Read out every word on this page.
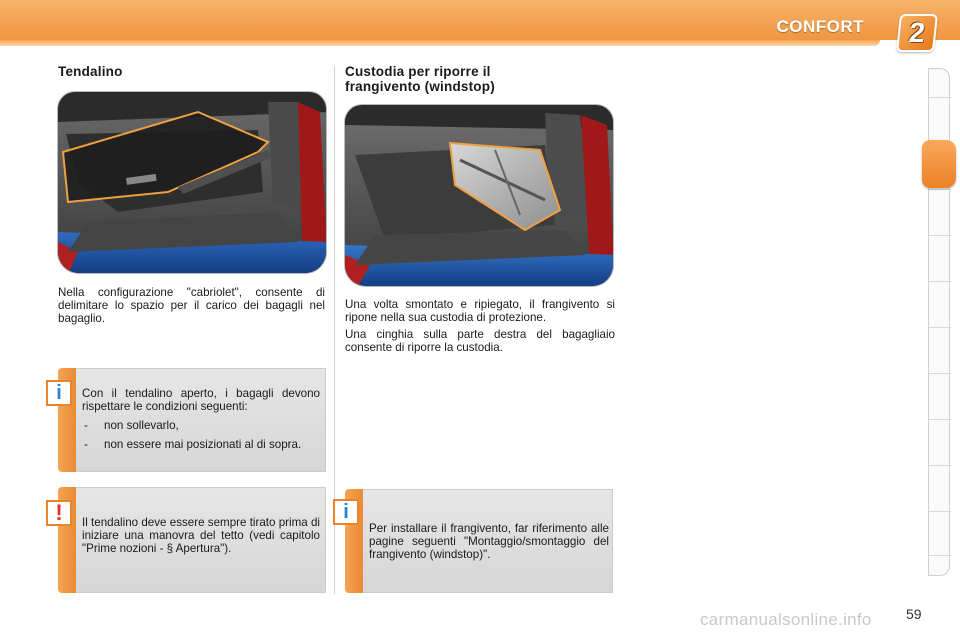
CONFORT	2
Tendalino
Nella configurazione "cabriolet", consente di delimitare lo spazio per il carico dei bagagli nel bagaglio.
i	Con il tendalino aperto, i bagagli devono rispettare le condizioni seguenti:
- non sollevarlo,
- non essere mai posizionati al di sopra.
!	Il tendalino deve essere sempre tirato prima di iniziare una manovra del tetto (vedi capitolo "Prime nozioni - § Apertura").
Custodia per riporre il
frangivento (windstop)
Una volta smontato e ripiegato, il frangivento si ripone nella sua custodia di protezione.
Una cinghia sulla parte destra del bagagliaio consente di riporre la custodia.
i
Per installare il frangivento, far riferimento alle pagine seguenti "Montaggio/smontaggio del frangivento (windstop)".
carmanualsonline.info 59
